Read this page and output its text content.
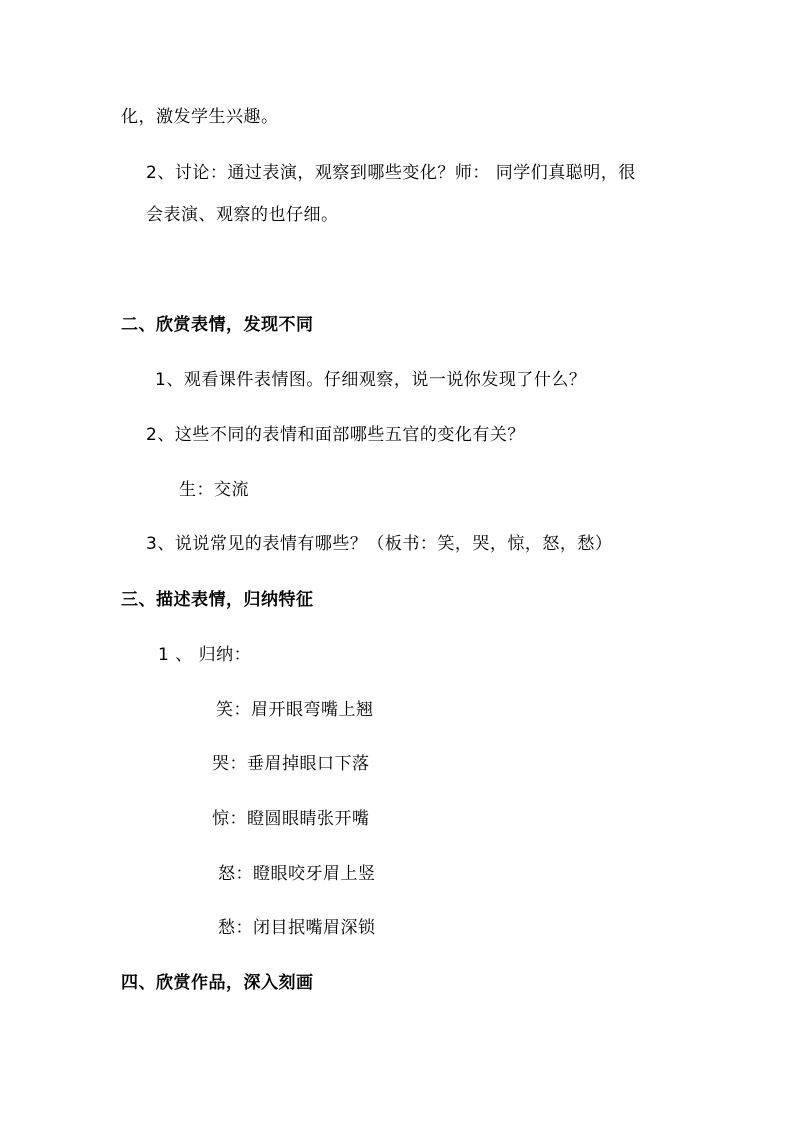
化，激发学生兴趣。
2、讨论：通过表演，观察到哪些变化？师： 同学们真聪明，很
会表演、观察的也仔细。
二、欣赏表情，发现不同
1、观看课件表情图。仔细观察，说一说你发现了什么？
2、这些不同的表情和面部哪些五官的变化有关？
生：交流
3、说说常见的表情有哪些？（板书：笑，哭，惊，怒，愁）
三、描述表情，归纳特征
1 、 归纳：
笑：眉开眼弯嘴上翘
哭：垂眉掉眼口下落
惊：瞪圆眼睛张开嘴
怒：瞪眼咬牙眉上竖
愁：闭目抿嘴眉深锁
四、欣赏作品，深入刻画
